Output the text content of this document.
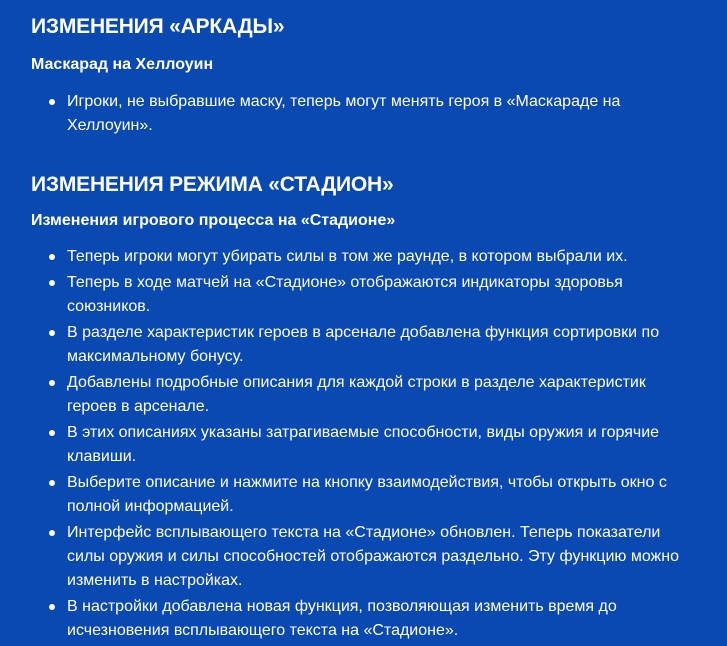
ИЗМЕНЕНИЯ «АРКАДЫ»
Маскарад на Хеллоуин
Игроки, не выбравшие маску, теперь могут менять героя в «Маскараде на Хеллоуин».
ИЗМЕНЕНИЯ РЕЖИМА «СТАДИОН»
Изменения игрового процесса на «Стадионе»
Теперь игроки могут убирать силы в том же раунде, в котором выбрали их.
Теперь в ходе матчей на «Стадионе» отображаются индикаторы здоровья союзников.
В разделе характеристик героев в арсенале добавлена функция сортировки по максимальному бонусу.
Добавлены подробные описания для каждой строки в разделе характеристик героев в арсенале.
В этих описаниях указаны затрагиваемые способности, виды оружия и горячие клавиши.
Выберите описание и нажмите на кнопку взаимодействия, чтобы открыть окно с полной информацией.
Интерфейс всплывающего текста на «Стадионе» обновлен. Теперь показатели силы оружия и силы способностей отображаются раздельно. Эту функцию можно изменить в настройках.
В настройки добавлена новая функция, позволяющая изменить время до исчезновения всплывающего текста на «Стадионе».
